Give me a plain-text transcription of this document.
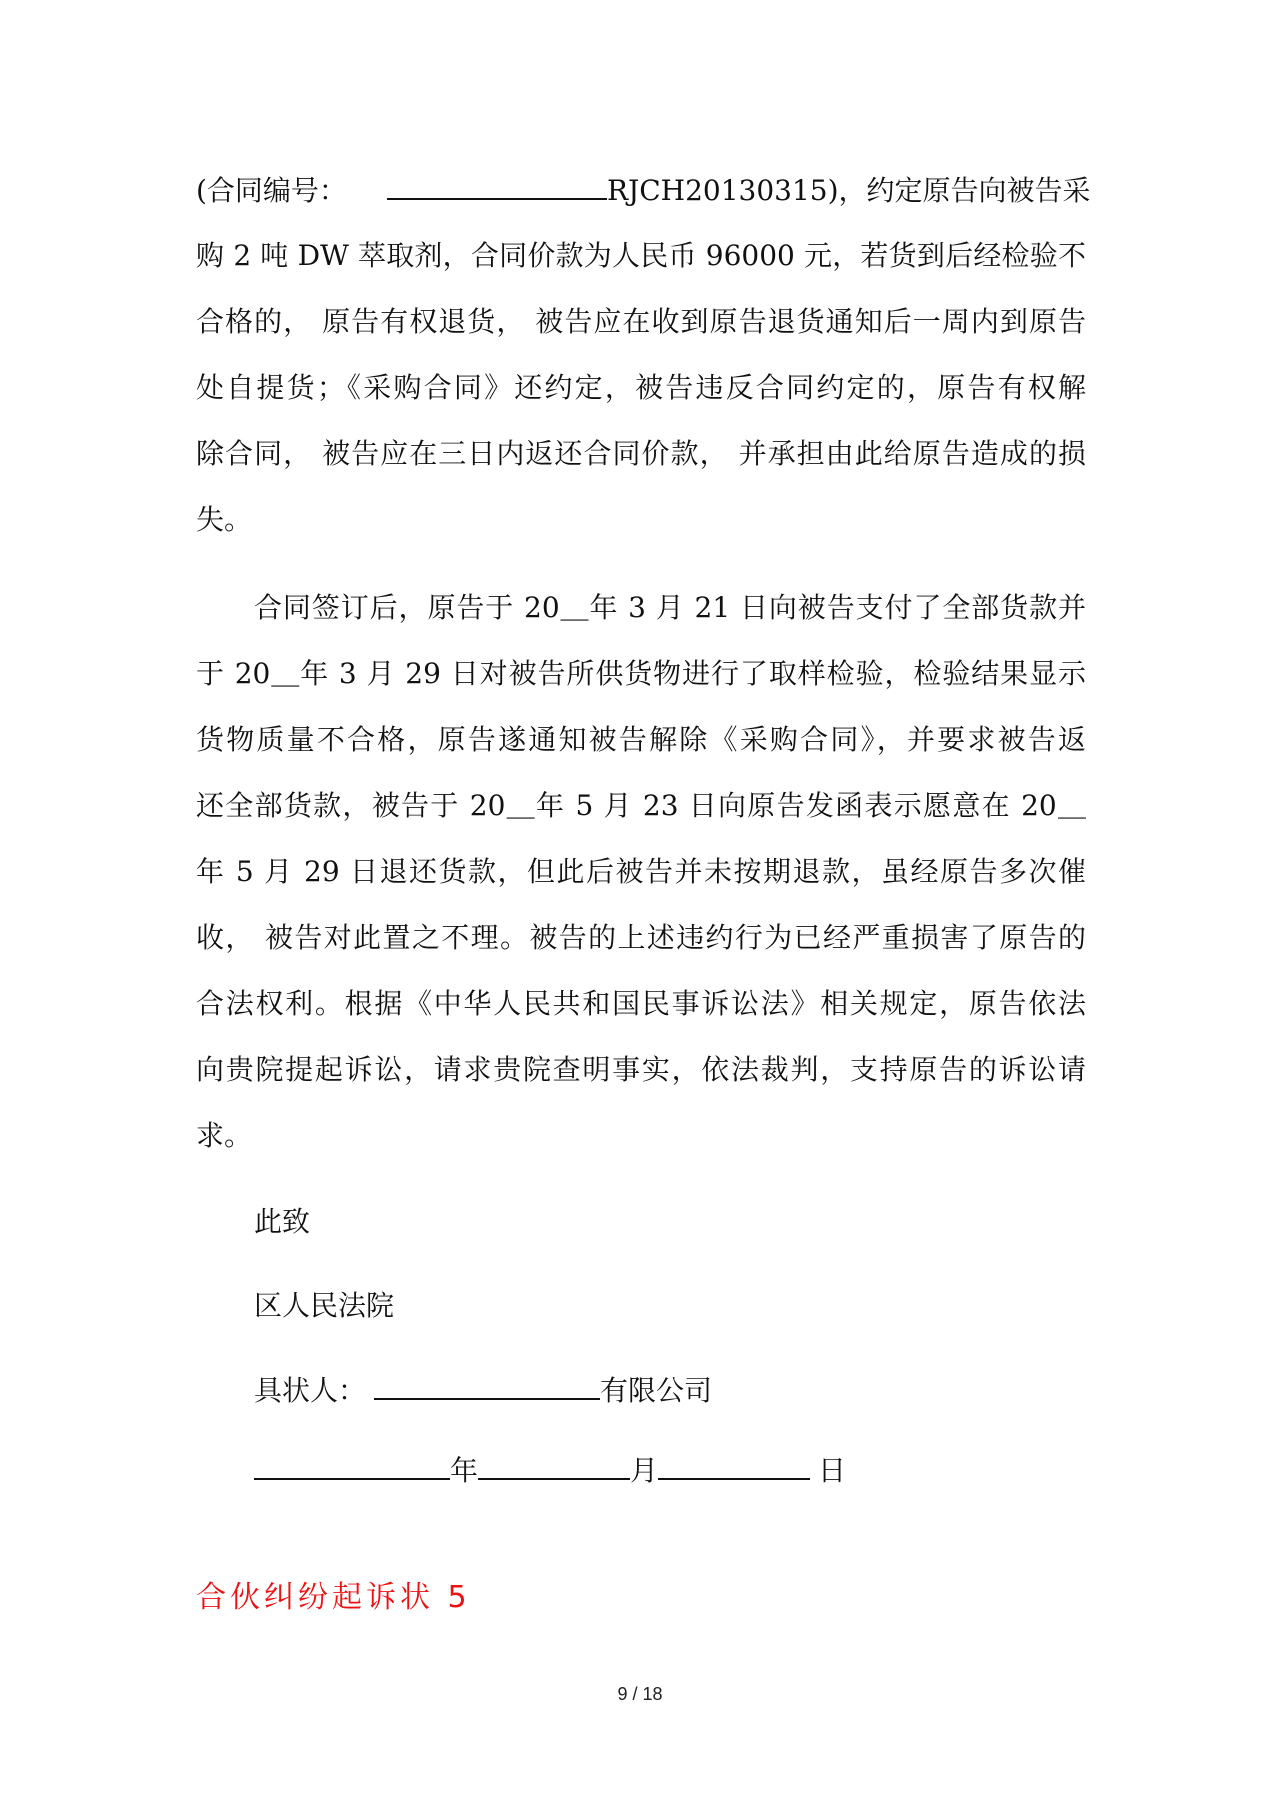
(合同编号：	RJCH20130315)，约定原告向被告采
购 2 吨 DW 萃取剂，合同价款为人民币 96000 元，若货到后经检验不
合格的， 原告有权退货， 被告应在收到原告退货通知后一周内到原告
处自提货；《采购合同》还约定，被告违反合同约定的，原告有权解
除合同， 被告应在三日内返还合同价款， 并承担由此给原告造成的损
失。
合同签订后，原告于 20＿年 3 月 21 日向被告支付了全部货款并
于 20＿年 3 月 29 日对被告所供货物进行了取样检验，检验结果显示
货物质量不合格，原告遂通知被告解除《采购合同》，并要求被告返
还全部货款，被告于 20＿年 5 月 23 日向原告发函表示愿意在 20＿
年 5 月 29 日退还货款，但此后被告并未按期退款，虽经原告多次催
收， 被告对此置之不理。被告的上述违约行为已经严重损害了原告的
合法权利。根据《中华人民共和国民事诉讼法》相关规定，原告依法
向贵院提起诉讼，请求贵院查明事实，依法裁判，支持原告的诉讼请
求。
此致
区人民法院
具状人：	有限公司
年	月	日
合伙纠纷起诉状 5
9 / 18
